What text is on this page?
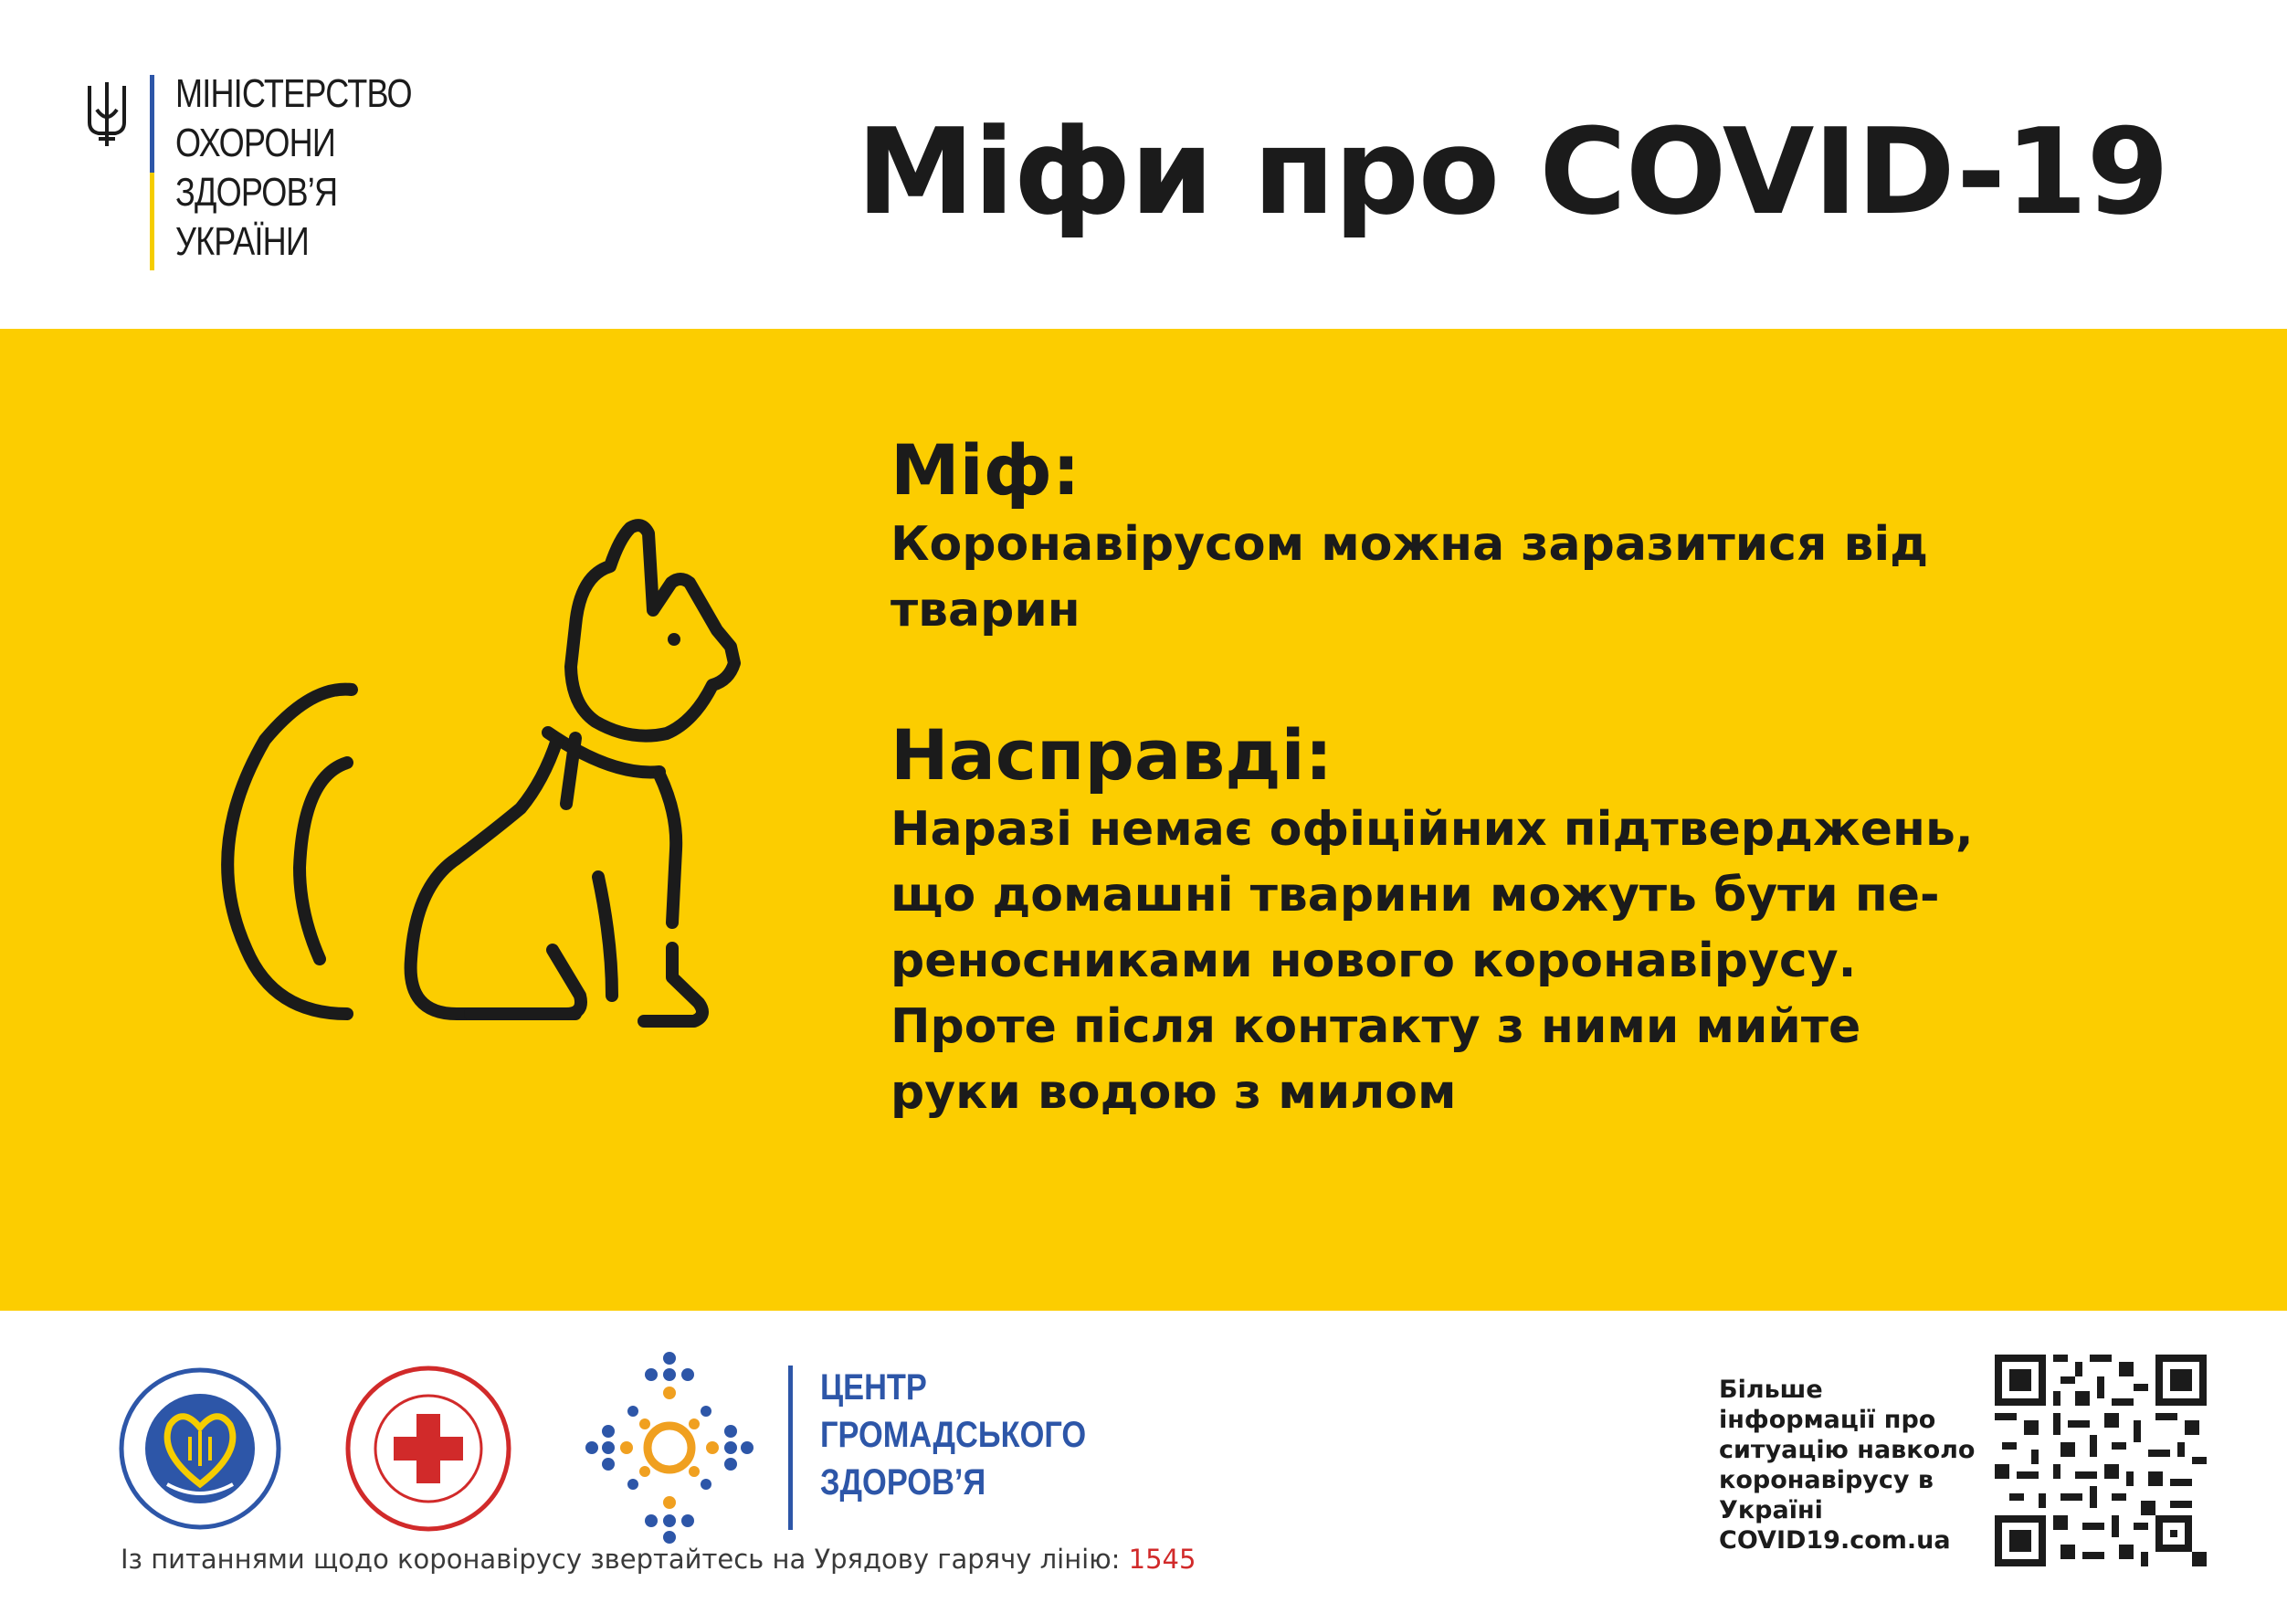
МІНІСТЕРСТВО
ОХОРОНИ
ЗДОРОВ’Я
УКРАЇНИ
Міфи про COVID-19
Міф:
Коронавірусом можна заразитися від
тварин
Насправді:
Наразі немає офіційних підтверджень,
що домашні тварини можуть бути пе-
реносниками нового коронавірусу.
Проте після контакту з ними мийте
руки водою з милом
ЦЕНТР
ГРОМАДСЬКОГО
ЗДОРОВ’Я
Із питаннями щодо коронавірусу звертайтесь на Урядову гарячу лінію: 1545
Більше
інформації про
ситуацію навколо
коронавірусу в
Україні
COVID19.com.ua
